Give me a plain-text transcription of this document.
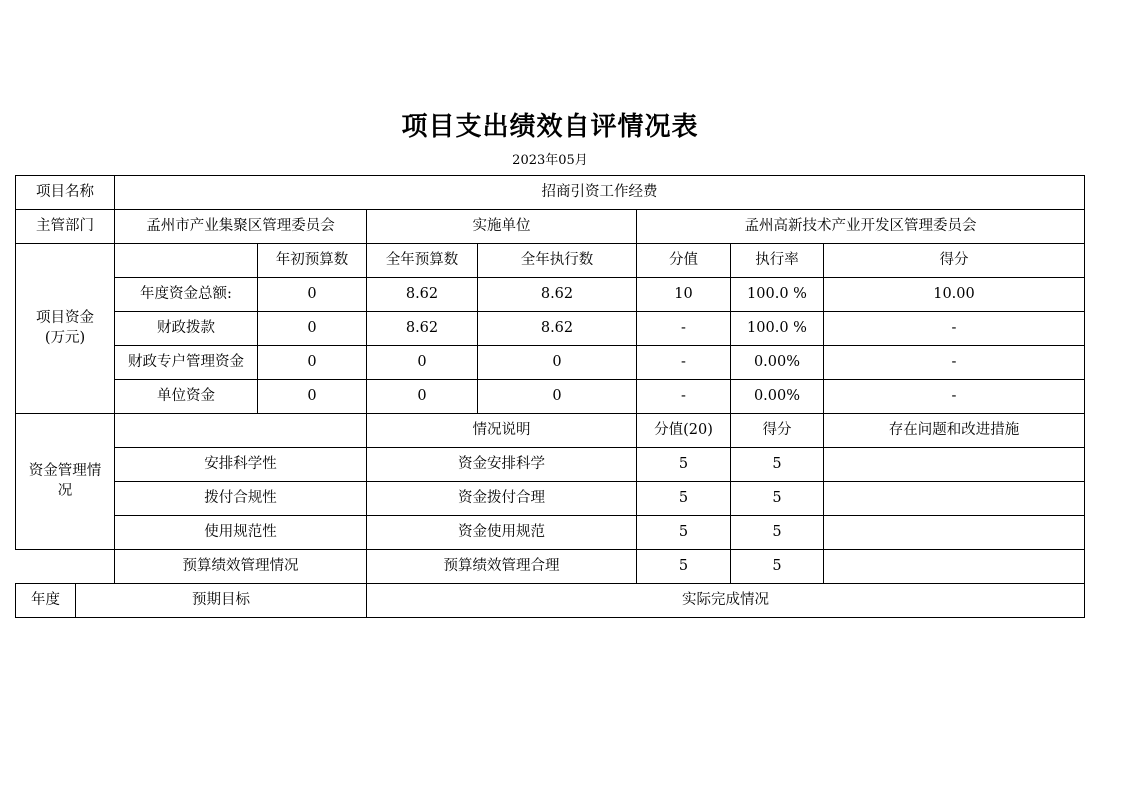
项目支出绩效自评情况表
2023年05月
项目名称		招商引资工作经费						
主管部门		孟州市产业集聚区管理委员会		实施单位		孟州高新技术产业开发区管理委员会		

项目资金
(万元)			年初预算数	全年预算数	全年执行数	分值	执行率	得分
		年度资金总额:	0	8.62	8.62	10	100.0 %	10.00
		财政拨款	0	8.62	8.62	-	100.0 %	-
		财政专户管理资金	0	0	0	-	0.00%	-
		单位资金	0	0	0	-	0.00%	-

资金管理情
况				情况说明		分值(20)	得分	存在问题和改进措施
		安排科学性		资金安排科学		5	5	
		拨付合规性		资金拨付合理		5	5	
		使用规范性		资金使用规范		5	5	
		预算绩效管理情况		预算绩效管理合理		5	5	
年度	预期目标			实际完成情况				
